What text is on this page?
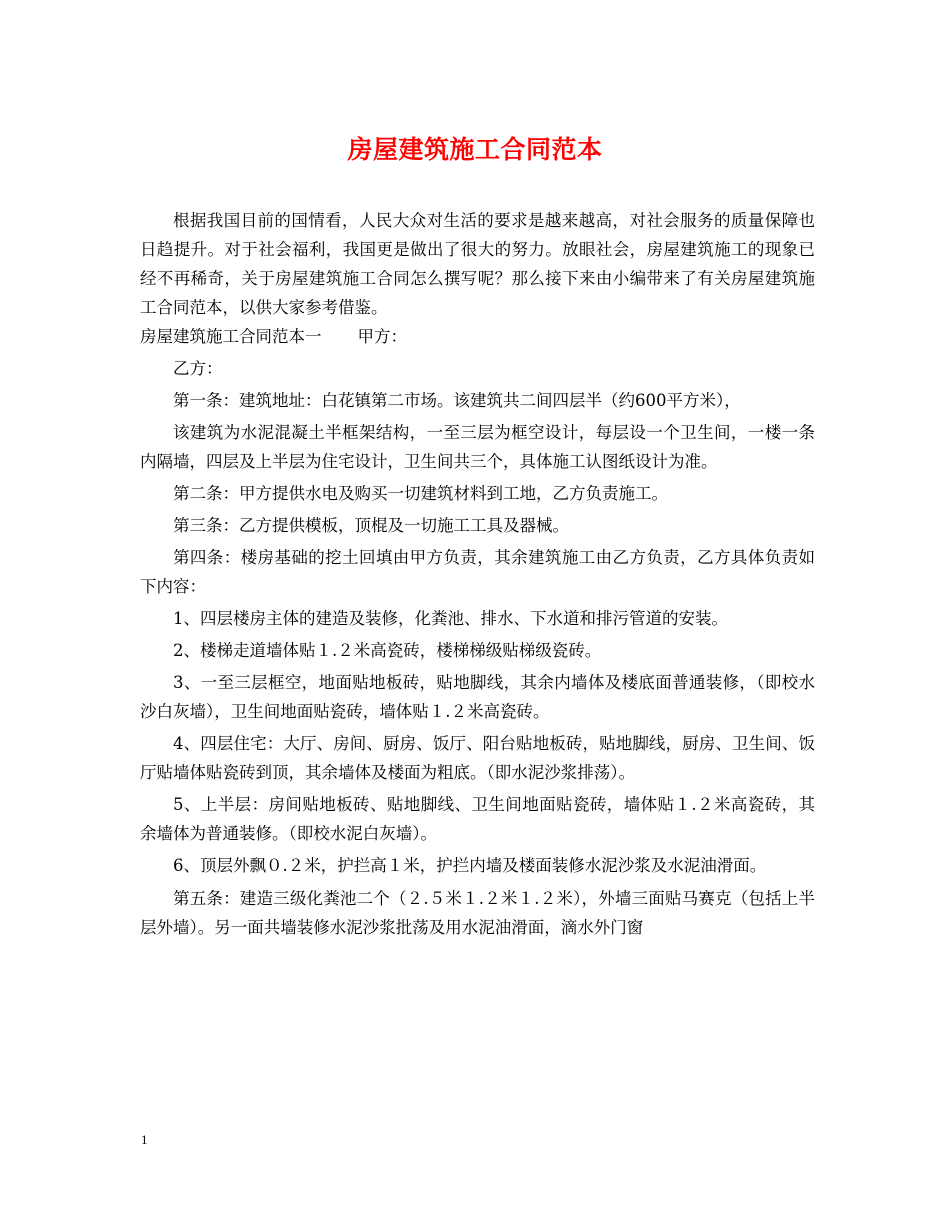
房屋建筑施工合同范本

根据我国目前的国情看，人民大众对生活的要求是越来越高，对社会服务的质量保障也日趋提升。对于社会福利，我国更是做出了很大的努力。放眼社会，房屋建筑施工的现象已经不再稀奇，关于房屋建筑施工合同怎么撰写呢？那么接下来由小编带来了有关房屋建筑施工合同范本，以供大家参考借鉴。

房屋建筑施工合同范本一 甲方：

乙方：

第一条：建筑地址：白花镇第二市场。该建筑共二间四层半（约600平方米），

该建筑为水泥混凝土半框架结构，一至三层为框空设计，每层设一个卫生间，一楼一条内隔墙，四层及上半层为住宅设计，卫生间共三个，具体施工认图纸设计为准。

第二条：甲方提供水电及购买一切建筑材料到工地，乙方负责施工。

第三条：乙方提供模板，顶棍及一切施工工具及器械。

第四条：楼房基础的挖土回填由甲方负责，其余建筑施工由乙方负责，乙方具体负责如下内容：

1、四层楼房主体的建造及装修，化粪池、排水、下水道和排污管道的安装。

2、楼梯走道墙体贴１.２米高瓷砖，楼梯梯级贴梯级瓷砖。

3、一至三层框空，地面贴地板砖，贴地脚线，其余内墙体及楼底面普通装修，（即校水沙白灰墙），卫生间地面贴瓷砖，墙体贴１.２米高瓷砖。

4、四层住宅：大厅、房间、厨房、饭厅、阳台贴地板砖，贴地脚线，厨房、卫生间、饭厅贴墙体贴瓷砖到顶，其余墙体及楼面为粗底。（即水泥沙浆排荡）。

5、上半层：房间贴地板砖、贴地脚线、卫生间地面贴瓷砖，墙体贴１.２米高瓷砖，其余墙体为普通装修。（即校水泥白灰墙）。

6、顶层外飘０.２米，护拦高１米，护拦内墙及楼面装修水泥沙浆及水泥油滑面。

第五条：建造三级化粪池二个（２.５米１.２米１.２米），外墙三面贴马赛克（包括上半层外墙）。另一面共墙装修水泥沙浆批荡及用水泥油滑面，滴水外门窗

1
